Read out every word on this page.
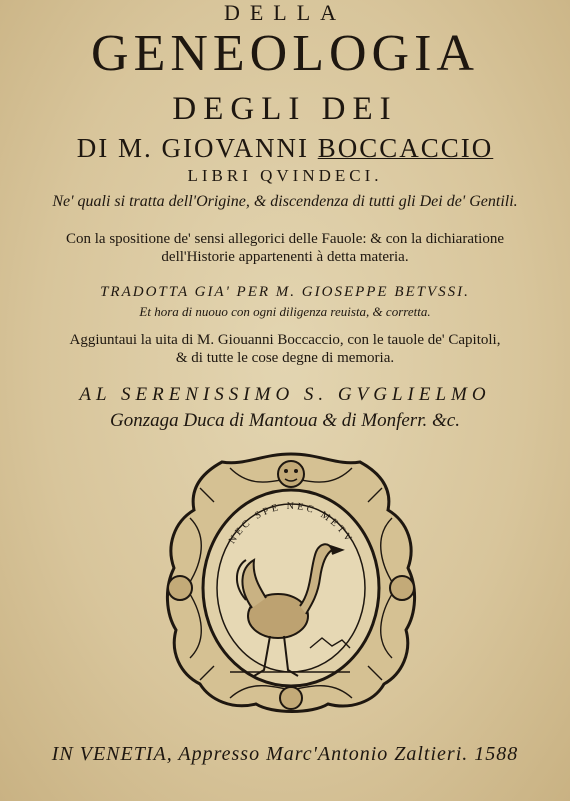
DELLA
GENEOLOGIA
DEGLI DEI
DI M. GIOVANNI BOCCACCIO
LIBRI QVINDECI.
Ne' quali si tratta dell'Origine, & discendenza di tutti gli Dei de' Gentili.
Con la spositione de' sensi allegorici delle Fauole: & con la dichiaratione
dell'Historie appartenenti à detta materia.
TRADOTTA GIA' PER M. GIOSEPPE BETVSSI.
Et hora di nuouo con ogni diligenza reuista, & corretta.
Aggiuntaui la uita di M. Giouanni Boccaccio, con le tauole de' Capitoli,
& di tutte le cose degne di memoria.
AL SERENISSIMO S. GVGLIELMO
Gonzaga Duca di Mantoua & di Monferr. &c.
NEC SPE NEC METV
IN VENETIA, Appresso Marc'Antonio Zaltieri. 1588
